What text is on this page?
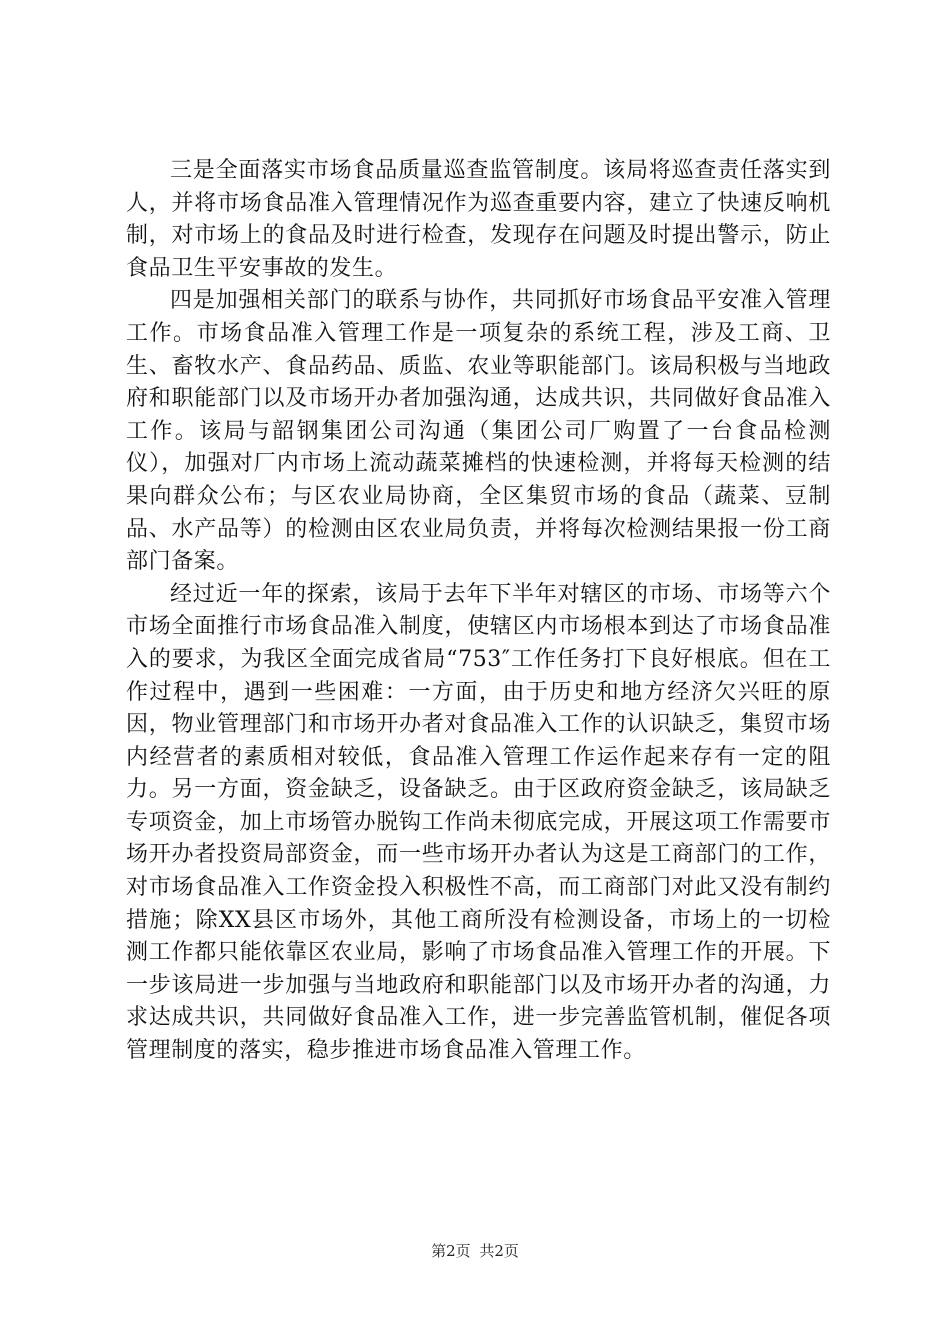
三是全面落实市场食品质量巡查监管制度。该局将巡查责任落实到人，并将市场食品准入管理情况作为巡查重要内容，建立了快速反响机制，对市场上的食品及时进行检查，发现存在问题及时提出警示，防止食品卫生平安事故的发生。

四是加强相关部门的联系与协作，共同抓好市场食品平安准入管理工作。市场食品准入管理工作是一项复杂的系统工程，涉及工商、卫生、畜牧水产、食品药品、质监、农业等职能部门。该局积极与当地政府和职能部门以及市场开办者加强沟通，达成共识，共同做好食品准入工作。该局与韶钢集团公司沟通（集团公司厂购置了一台食品检测仪），加强对厂内市场上流动蔬菜摊档的快速检测，并将每天检测的结果向群众公布；与区农业局协商，全区集贸市场的食品（蔬菜、豆制品、水产品等）的检测由区农业局负责，并将每次检测结果报一份工商部门备案。

经过近一年的探索，该局于去年下半年对辖区的市场、市场等六个市场全面推行市场食品准入制度，使辖区内市场根本到达了市场食品准入的要求，为我区全面完成省局“753″工作任务打下良好根底。但在工作过程中，遇到一些困难：一方面，由于历史和地方经济欠兴旺的原因，物业管理部门和市场开办者对食品准入工作的认识缺乏，集贸市场内经营者的素质相对较低，食品准入管理工作运作起来存有一定的阻力。另一方面，资金缺乏，设备缺乏。由于区政府资金缺乏，该局缺乏专项资金，加上市场管办脱钩工作尚未彻底完成，开展这项工作需要市场开办者投资局部资金，而一些市场开办者认为这是工商部门的工作，对市场食品准入工作资金投入积极性不高，而工商部门对此又没有制约措施；除XX县区市场外，其他工商所没有检测设备，市场上的一切检测工作都只能依靠区农业局，影响了市场食品准入管理工作的开展。下一步该局进一步加强与当地政府和职能部门以及市场开办者的沟通，力求达成共识，共同做好食品准入工作，进一步完善监管机制，催促各项管理制度的落实，稳步推进市场食品准入管理工作。

第2页 共2页
